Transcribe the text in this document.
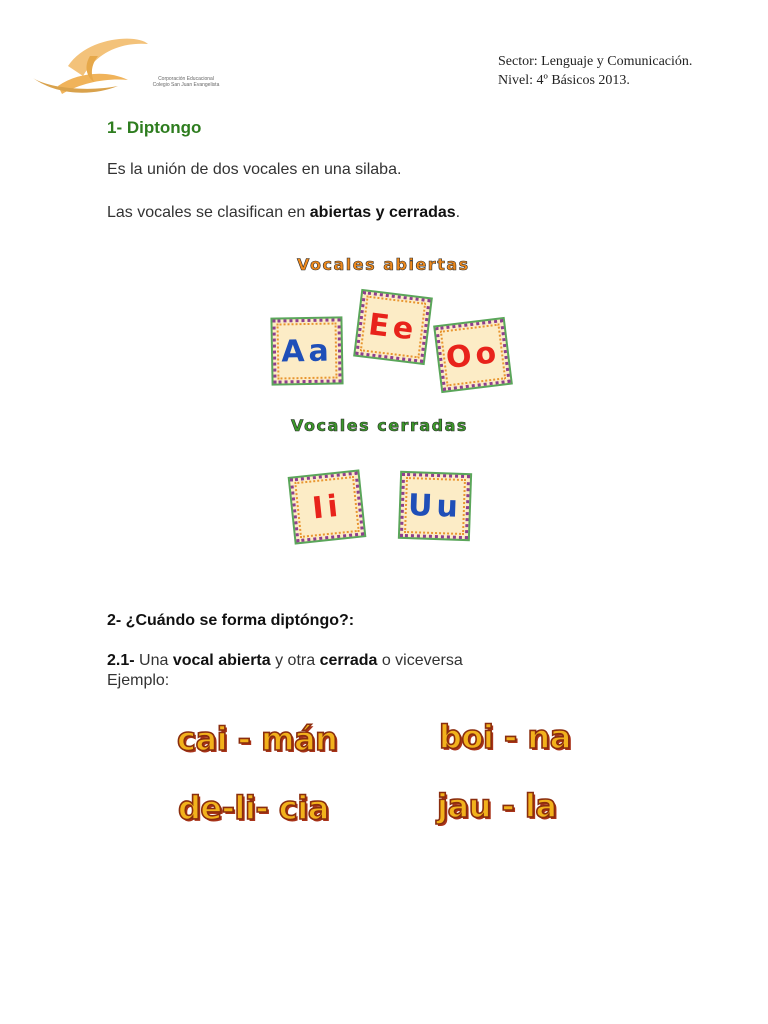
Corporación Educacional
Colegio San Juan Evangelista
Sector: Lenguaje y Comunicación.
Nivel: 4º Básicos 2013.
1- Diptongo
Es la unión de dos vocales en una silaba.
Las vocales se clasifican en abiertas y cerradas.
Vocales abiertas
Aa
Ee
Oo
Vocales cerradas
Ii Uu
2- ¿Cuándo se forma diptóngo?:
2.1- Una vocal abierta y otra cerrada o viceversa
Ejemplo:
cai - mán	boi - na
de-li- cia	jau - la
